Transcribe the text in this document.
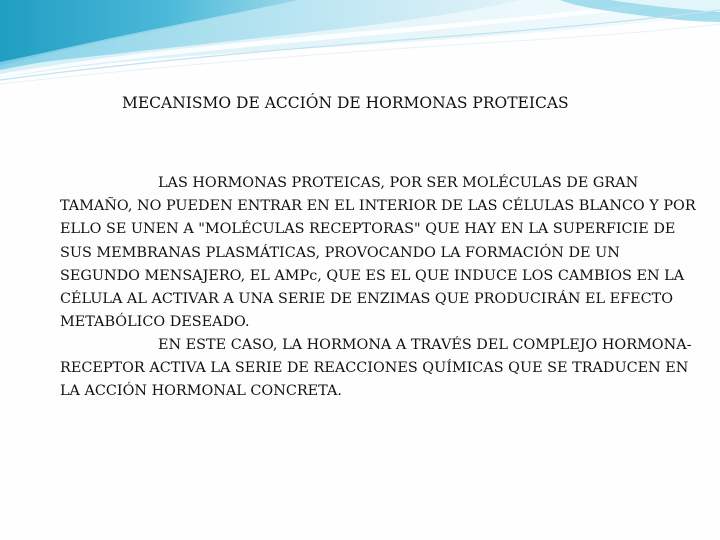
MECANISMO DE ACCIÓN DE HORMONAS PROTEICAS

LAS HORMONAS PROTEICAS, POR SER MOLÉCULAS DE GRAN TAMAÑO, NO PUEDEN ENTRAR EN EL INTERIOR DE LAS CÉLULAS BLANCO Y POR ELLO SE UNEN A "MOLÉCULAS RECEPTORAS" QUE HAY EN LA SUPERFICIE DE SUS MEMBRANAS PLASMÁTICAS, PROVOCANDO LA FORMACIÓN DE UN SEGUNDO MENSAJERO, EL AMPc, QUE ES EL QUE INDUCE LOS CAMBIOS EN LA CÉLULA AL ACTIVAR A UNA SERIE DE ENZIMAS QUE PRODUCIRÁN EL EFECTO METABÓLICO DESEADO.

EN ESTE CASO, LA HORMONA A TRAVÉS DEL COMPLEJO HORMONA-RECEPTOR ACTIVA LA SERIE DE REACCIONES QUÍMICAS QUE SE TRADUCEN EN LA ACCIÓN HORMONAL CONCRETA.
